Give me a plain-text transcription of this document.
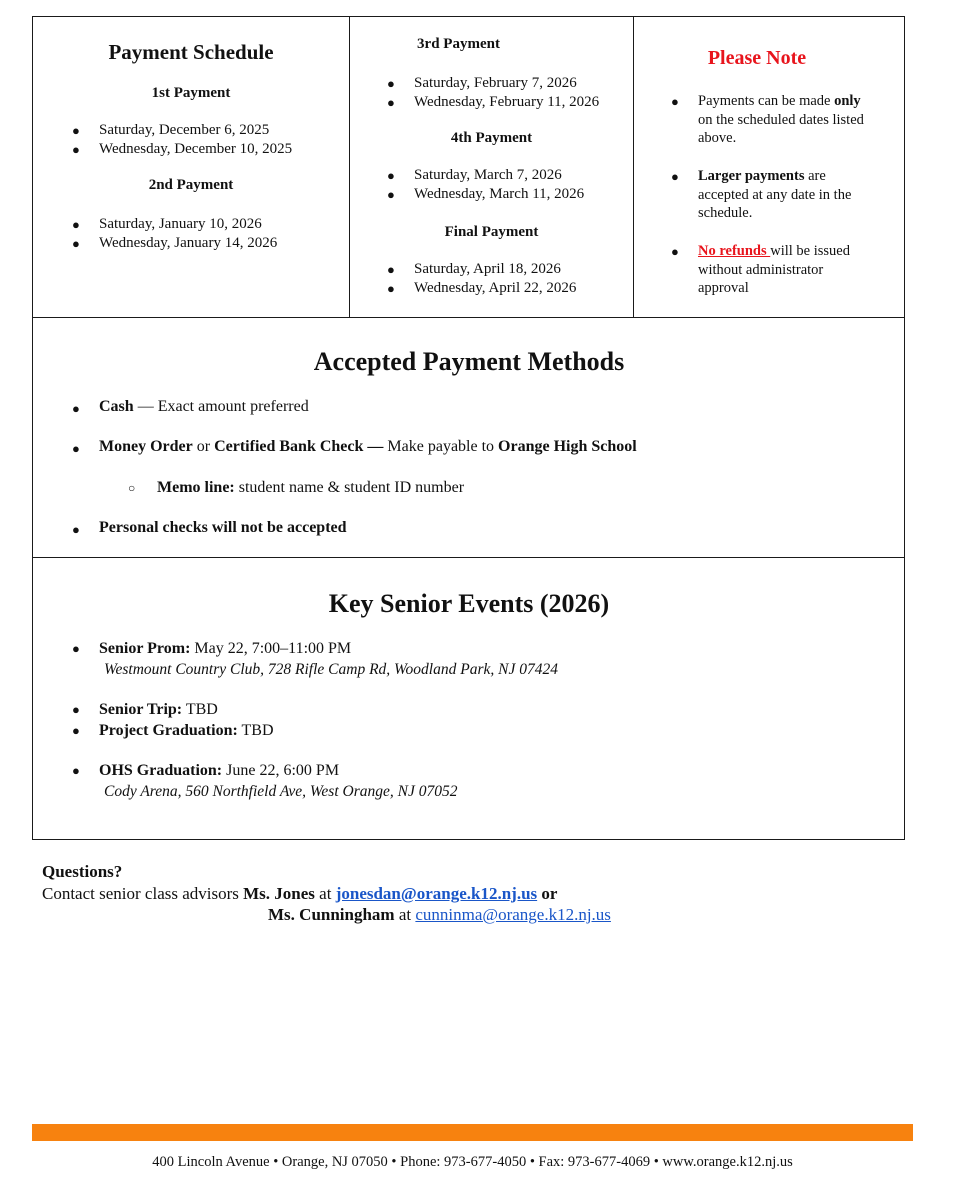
Payment Schedule
1st Payment
● Saturday, December 6, 2025
● Wednesday, December 10, 2025
2nd Payment
● Saturday, January 10, 2026
● Wednesday, January 14, 2026
3rd Payment
● Saturday, February 7, 2026
● Wednesday, February 11, 2026
4th Payment
● Saturday, March 7, 2026
● Wednesday, March 11, 2026
Final Payment
● Saturday, April 18, 2026
● Wednesday, April 22, 2026
Please Note
● Payments can be made only
on the scheduled dates listed
above.
● Larger payments are
accepted at any date in the
schedule.
● No refunds will be issued
without administrator
approval
Accepted Payment Methods
● Cash — Exact amount preferred
● Money Order or Certified Bank Check — Make payable to Orange High School
○ Memo line: student name & student ID number
● Personal checks will not be accepted
Key Senior Events (2026)
● Senior Prom: May 22, 7:00–11:00 PM
Westmount Country Club, 728 Rifle Camp Rd, Woodland Park, NJ 07424
● Senior Trip: TBD
● Project Graduation: TBD
● OHS Graduation: June 22, 6:00 PM
Cody Arena, 560 Northfield Ave, West Orange, NJ 07052
Questions?
Contact senior class advisors Ms. Jones at jonesdan@orange.k12.nj.us or
Ms. Cunningham at cunninma@orange.k12.nj.us
400 Lincoln Avenue • Orange, NJ 07050 • Phone: 973-677-4050 • Fax: 973-677-4069 • www.orange.k12.nj.us
